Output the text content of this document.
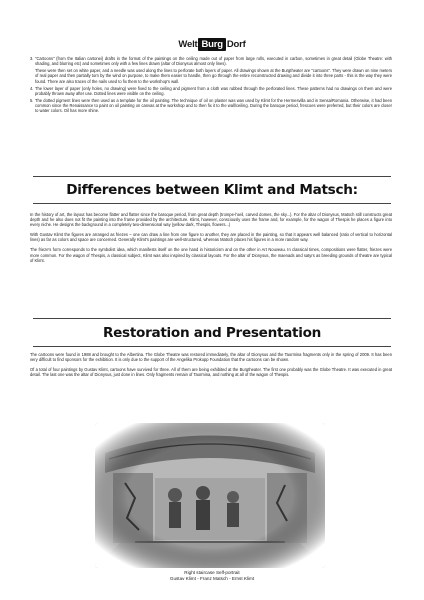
Welt Burg Dorf
3. "Cartoons" (from the Italian cartonei) drafts in the format of the paintings on the ceiling made out of paper from large rolls, executed in carbon, sometimes in great detail (Globe Theatre: with shading, and blurring etc) and sometimes only with a few lines drawn (altar of Dionysus almost only lines).
These were then set on white paper, and a needle was used along the lines to perforate both layers of paper. All drawings shown at the Burgtheater are "cartoons". They were drawn on nine meters of real paper and then partially torn by the wind on purpose, to make them easier to handle, then go through the entire reconstructed drawing and divide it into three parts - this is the way they were found. There are also traces of the nails used to fix them to the workshop's wall.
4. The lower layer of paper (only holes, no drawing) were fixed to the ceiling and pigment from a cloth was rubbed through the perforated lines. These patterns had no drawings on them and were probably thrown away after use. Dotted lines were visible on the ceiling.
5. The dotted pigment lines were then used as a template for the oil painting. The technique of oil on plaster was was used by Klimt for the Hermesvilla and in Sensa/Romania. Otherwise, it had been common since the Renaissance to paint on oil painting on canvas at the workshop and to then fix it to the wall/ceiling. During the baroque period, frescoes were preferred, but their colors are closer to water colors. Oil has more shine.
Differences between Klimt and Matsch:

In the history of art, the layout has become flatter and flatter since the baroque period, from great depth (trompe-l'oeil, carved domes, the sky...). For the altar of Dionysus, Matsch still constructs great depth and he also does not fit the painting into the frame provided by the architecture. Klimt, however, consciously uses the frame and, for example, for the wagon of Thespis he places a figure into every niche. He designs the background in a completely two-dimensional way (yellow dark, Thespis, flowers...)

With Gustav Klimt the figures are arranged as friezes – one can draw a line from one figure to another, they are placed in the painting, so that it appears well balanced (ratio of vertical to horizontal lines) as far as colors and space are concerned. Generally Klimt's paintings are well-structured, whereas Matsch places his figures in a more random way.

The frieze's form corresponds to the symbolist idea, which manifests itself on the one hand in historicism and on the other in Art Nouveau. In classical times, compositions were flatter, friezes were more common. For the wagon of Thespis, a classical subject, Klimt was also inspired by classical layouts. For the altar of Dionysus, the maenads and satyrs as breeding grounds of theatre are typical of Klimt.

Restoration and Presentation

The cartoons were found in 1988 and brought to the Albertina. The Globe Theatre was restored immediately, the altar of Dionysus and the Taormina fragments only in the spring of 2009. It has been very difficult to find sponsors for the exhibition. It is only due to the support of the Angelika Prokopp Foundation that the cartoons can be shown.

Of a total of four paintings by Gustav Klimt, cartoons have survived for three. All of them are being exhibited at the Burgtheater. The first one probably was the Globe Theatre. It was executed in great detail. The last one was the altar of Dionysus, just done in lines. Only fragments remain of Taormina, and nothing at all of the wagon of Thespis.

Right staircase Self-portrait
Gustav Klimt - Franz Matsch - Ernst Klimt
